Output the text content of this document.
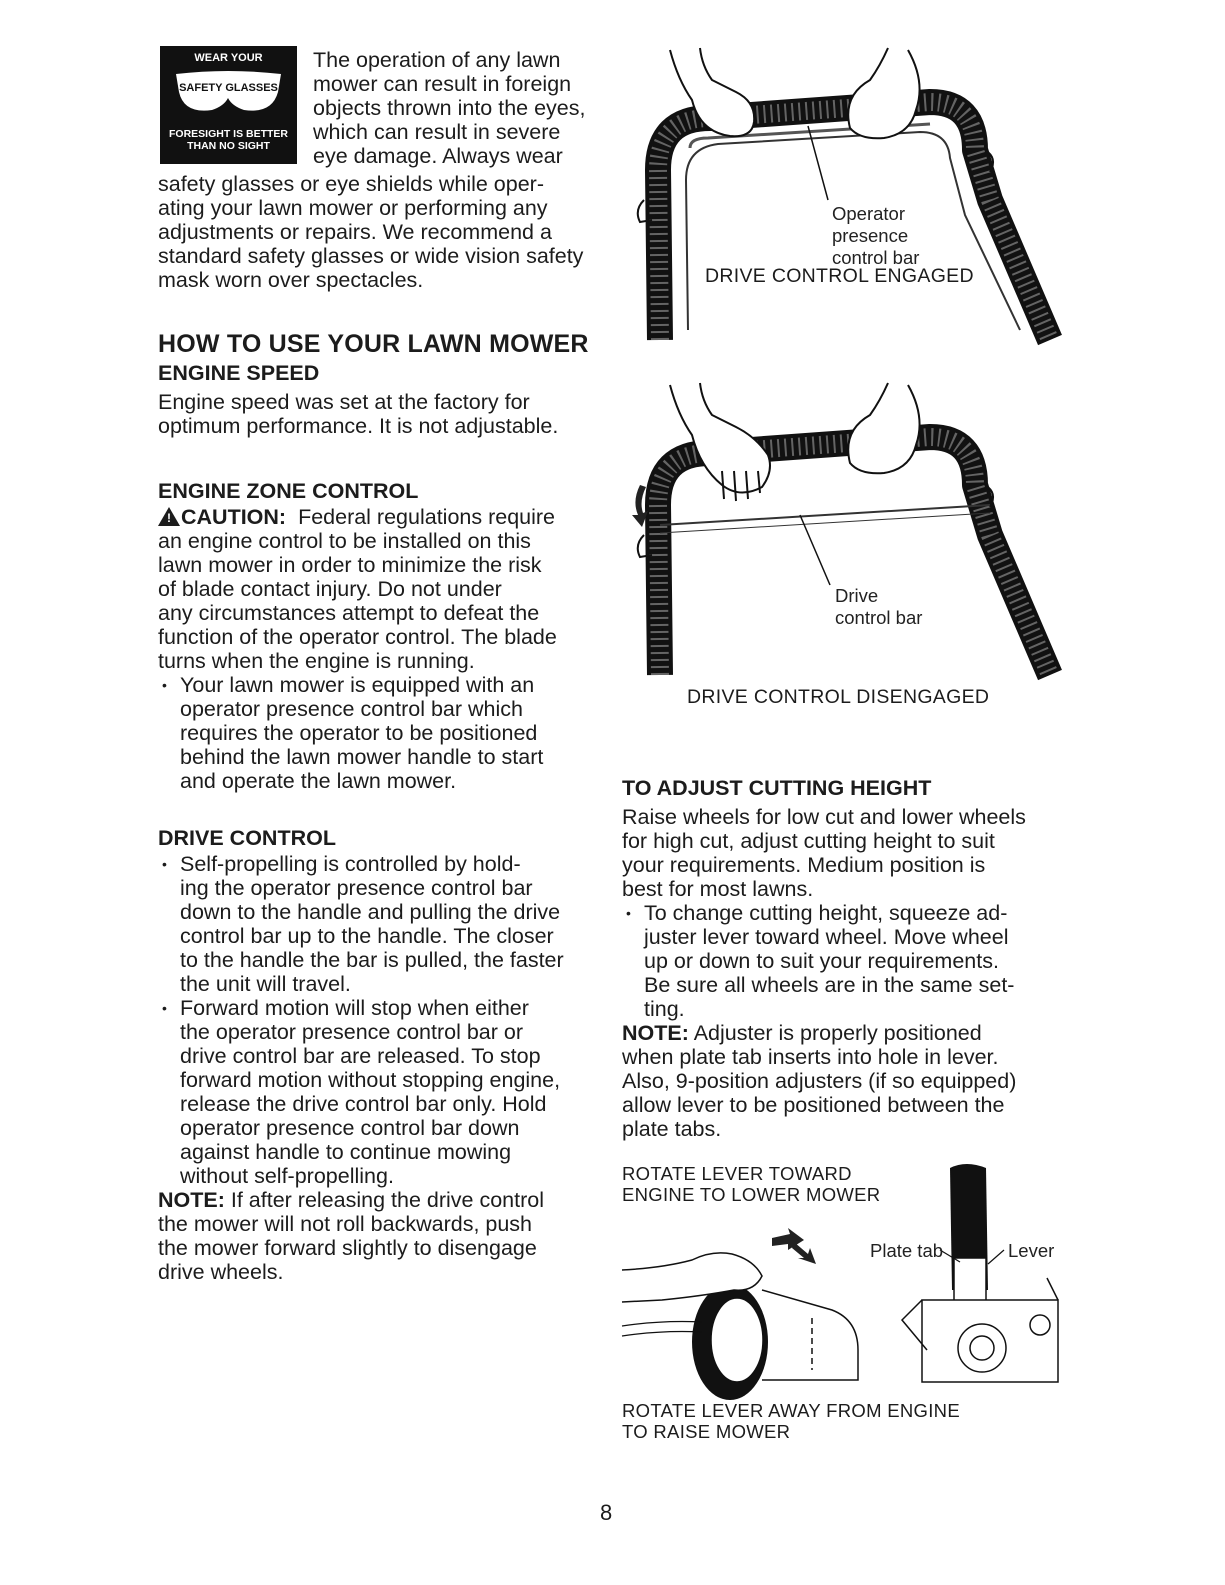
WEAR YOUR
SAFETY GLASSES
FORESIGHT IS BETTER
THAN NO SIGHT
The operation of any lawn
mower can result in foreign
objects thrown into the eyes,
which can result in severe
eye damage. Always wear
safety glasses or eye shields while oper-
ating your lawn mower or performing any
adjustments or repairs. We recommend a
standard safety glasses or wide vision safety
mask worn over spectacles.
HOW TO USE YOUR LAWN MOWER
ENGINE SPEED
Engine speed was set at the factory for
optimum performance. It is not adjustable.
ENGINE ZONE CONTROL
! CAUTION: Federal regulations require
an engine control to be installed on this
lawn mower in order to minimize the risk
of blade contact injury. Do not under
any circumstances attempt to defeat the
function of the operator control. The blade
turns when the engine is running.
• Your lawn mower is equipped with an
operator presence control bar which
requires the operator to be positioned
behind the lawn mower handle to start
and operate the lawn mower.
DRIVE CONTROL
• Self-propelling is controlled by hold-
ing the operator presence control bar
down to the handle and pulling the drive
control bar up to the handle. The closer
to the handle the bar is pulled, the faster
the unit will travel.
• Forward motion will stop when either
the operator presence control bar or
drive control bar are released. To stop
forward motion without stopping engine,
release the drive control bar only. Hold
operator presence control bar down
against handle to continue mowing
without self-propelling.
NOTE: If after releasing the drive control
the mower will not roll backwards, push
the mower forward slightly to disengage
drive wheels.
Operator
presence
control bar
DRIVE CONTROL ENGAGED
Drive
control bar
DRIVE CONTROL DISENGAGED
TO ADJUST CUTTING HEIGHT
Raise wheels for low cut and lower wheels
for high cut, adjust cutting height to suit
your requirements. Medium position is
best for most lawns.
• To change cutting height, squeeze ad-
juster lever toward wheel. Move wheel
up or down to suit your requirements.
Be sure all wheels are in the same set-
ting.
NOTE: Adjuster is properly positioned
when plate tab inserts into hole in lever.
Also, 9-position adjusters (if so equipped)
allow lever to be positioned between the
plate tabs.
ROTATE LEVER TOWARD
ENGINE TO LOWER MOWER
Plate tab	Lever
ROTATE LEVER AWAY FROM ENGINE
TO RAISE MOWER
8
